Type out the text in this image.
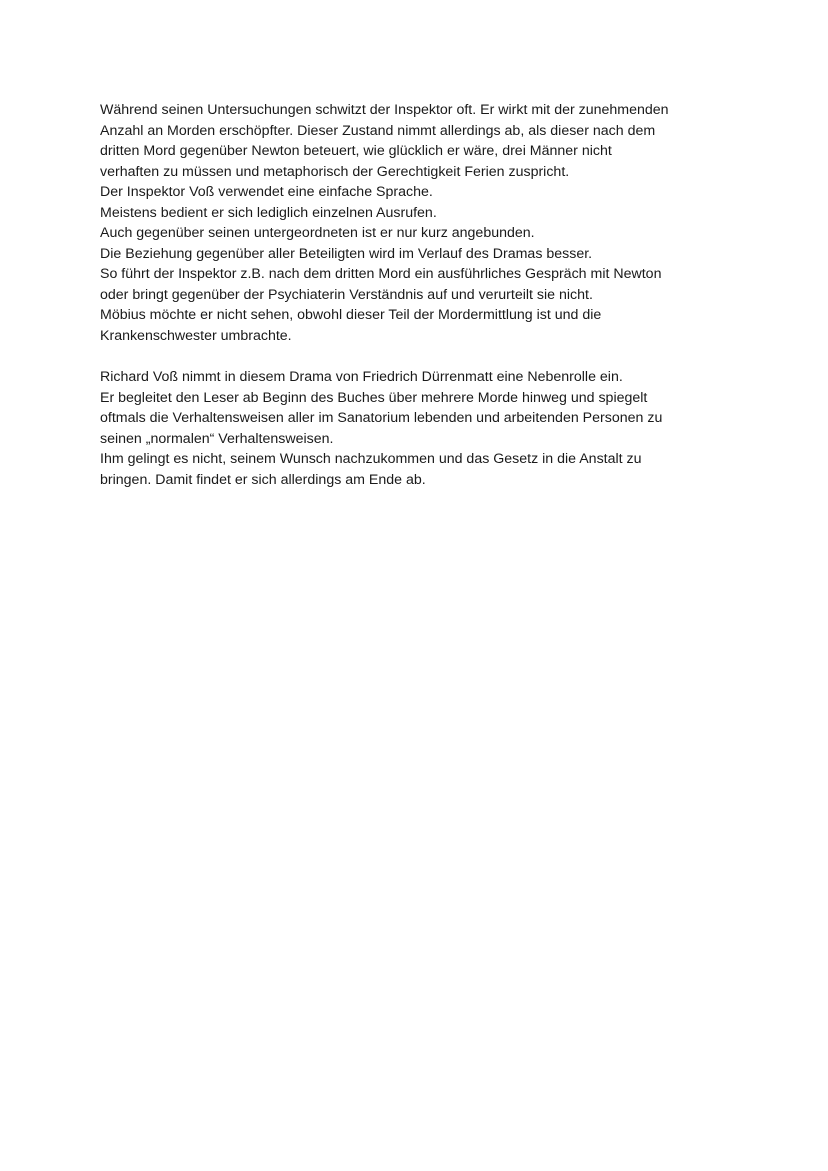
Während seinen Untersuchungen schwitzt der Inspektor oft. Er wirkt mit der zunehmenden
Anzahl an Morden erschöpfter. Dieser Zustand nimmt allerdings ab, als dieser nach dem
dritten Mord gegenüber Newton beteuert, wie glücklich er wäre, drei Männer nicht
verhaften zu müssen und metaphorisch der Gerechtigkeit Ferien zuspricht.
Der Inspektor Voß verwendet eine einfache Sprache.
Meistens bedient er sich lediglich einzelnen Ausrufen.
Auch gegenüber seinen untergeordneten ist er nur kurz angebunden.
Die Beziehung gegenüber aller Beteiligten wird im Verlauf des Dramas besser.
So führt der Inspektor z.B. nach dem dritten Mord ein ausführliches Gespräch mit Newton
oder bringt gegenüber der Psychiaterin Verständnis auf und verurteilt sie nicht.
Möbius möchte er nicht sehen, obwohl dieser Teil der Mordermittlung ist und die
Krankenschwester umbrachte.
Richard Voß nimmt in diesem Drama von Friedrich Dürrenmatt eine Nebenrolle ein.
Er begleitet den Leser ab Beginn des Buches über mehrere Morde hinweg und spiegelt
oftmals die Verhaltensweisen aller im Sanatorium lebenden und arbeitenden Personen zu
seinen „normalen“ Verhaltensweisen.
Ihm gelingt es nicht, seinem Wunsch nachzukommen und das Gesetz in die Anstalt zu
bringen. Damit findet er sich allerdings am Ende ab.
